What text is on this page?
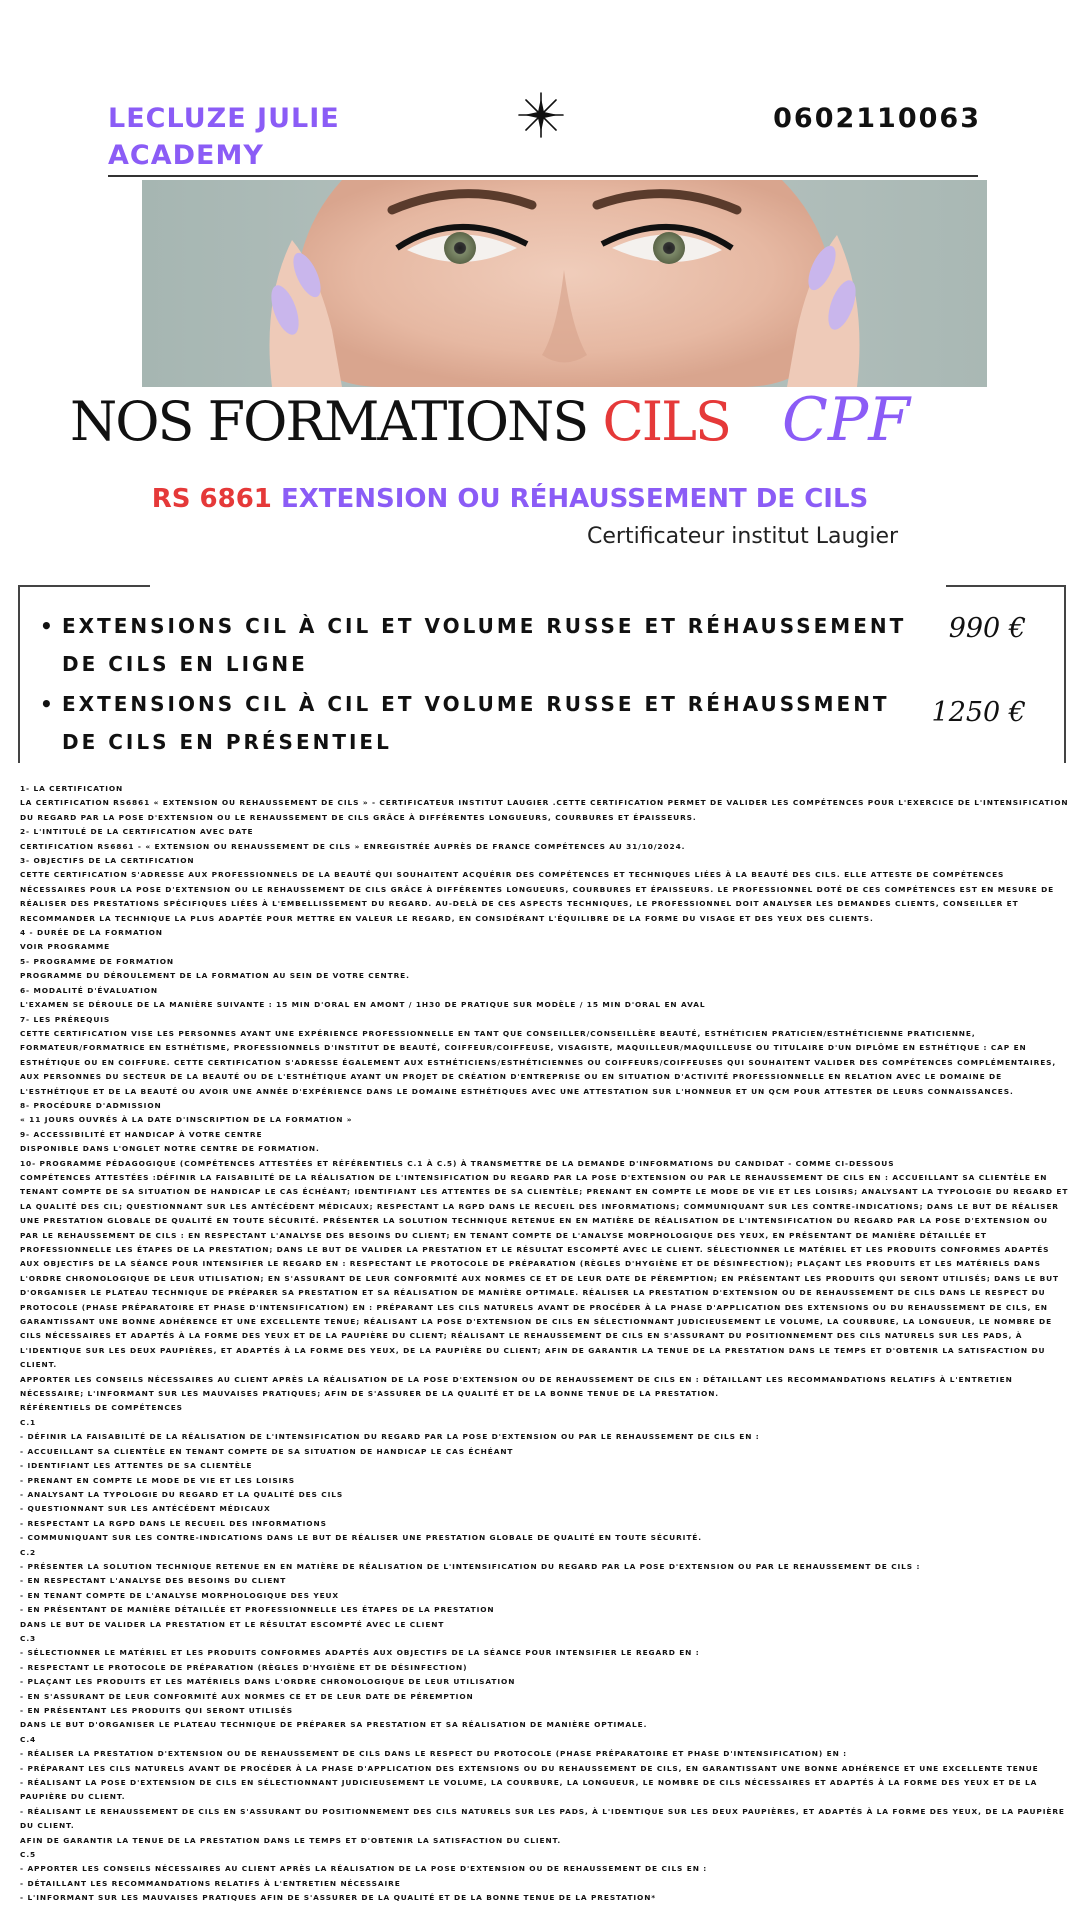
LECLUZE JULIE ACADEMY
0602110063
NOS FORMATIONS CILS CPF
RS 6861 EXTENSION OU RÉHAUSSEMENT DE CILS
Certificateur institut Laugier
• EXTENSIONS CIL À CIL ET VOLUME RUSSE ET RÉHAUSSEMENT DE CILS EN LIGNE
990 €
• EXTENSIONS CIL À CIL ET VOLUME RUSSE ET RÉHAUSSMENT DE CILS EN PRÉSENTIEL
1250 €
1- LA CERTIFICATION
LA CERTIFICATION RS6861 « EXTENSION OU REHAUSSEMENT DE CILS » - CERTIFICATEUR INSTITUT LAUGIER .CETTE CERTIFICATION PERMET DE VALIDER LES COMPÉTENCES POUR L'EXERCICE DE L'INTENSIFICATION DU REGARD PAR LA POSE D'EXTENSION OU LE REHAUSSEMENT DE CILS GRÂCE À DIFFÉRENTES LONGUEURS, COURBURES ET ÉPAISSEURS.
2- L'INTITULÉ DE LA CERTIFICATION AVEC DATE
CERTIFICATION RS6861 - « EXTENSION OU REHAUSSEMENT DE CILS » ENREGISTRÉE AUPRÈS DE FRANCE COMPÉTENCES AU 31/10/2024.
3- OBJECTIFS DE LA CERTIFICATION
CETTE CERTIFICATION S'ADRESSE AUX PROFESSIONNELS DE LA BEAUTÉ QUI SOUHAITENT ACQUÉRIR DES COMPÉTENCES ET TECHNIQUES LIÉES À LA BEAUTÉ DES CILS. ELLE ATTESTE DE COMPÉTENCES NÉCESSAIRES POUR LA POSE D'EXTENSION OU LE REHAUSSEMENT DE CILS GRÂCE À DIFFÉRENTES LONGUEURS, COURBURES ET ÉPAISSEURS. LE PROFESSIONNEL DOTÉ DE CES COMPÉTENCES EST EN MESURE DE RÉALISER DES PRESTATIONS SPÉCIFIQUES LIÉES À L'EMBELLISSEMENT DU REGARD. AU-DELÀ DE CES ASPECTS TECHNIQUES, LE PROFESSIONNEL DOIT ANALYSER LES DEMANDES CLIENTS, CONSEILLER ET RECOMMANDER LA TECHNIQUE LA PLUS ADAPTÉE POUR METTRE EN VALEUR LE REGARD, EN CONSIDÉRANT L'ÉQUILIBRE DE LA FORME DU VISAGE ET DES YEUX DES CLIENTS.
4 - DURÉE DE LA FORMATION
VOIR PROGRAMME
5- PROGRAMME DE FORMATION
PROGRAMME DU DÉROULEMENT DE LA FORMATION AU SEIN DE VOTRE CENTRE.
6- MODALITÉ D'ÉVALUATION
L'EXAMEN SE DÉROULE DE LA MANIÈRE SUIVANTE : 15 MIN D'ORAL EN AMONT / 1H30 DE PRATIQUE SUR MODÈLE / 15 MIN D'ORAL EN AVAL
7- LES PRÉREQUIS
CETTE CERTIFICATION VISE LES PERSONNES AYANT UNE EXPÉRIENCE PROFESSIONNELLE EN TANT QUE CONSEILLER/CONSEILLÈRE BEAUTÉ, ESTHÉTICIEN PRATICIEN/ESTHÉTICIENNE PRATICIENNE, FORMATEUR/FORMATRICE EN ESTHÉTISME, PROFESSIONNELS D'INSTITUT DE BEAUTÉ, COIFFEUR/COIFFEUSE, VISAGISTE, MAQUILLEUR/MAQUILLEUSE OU TITULAIRE D'UN DIPLÔME EN ESTHÉTIQUE : CAP EN ESTHÉTIQUE OU EN COIFFURE. CETTE CERTIFICATION S'ADRESSE ÉGALEMENT AUX ESTHÉTICIENS/ESTHÉTICIENNES OU COIFFEURS/COIFFEUSES QUI SOUHAITENT VALIDER DES COMPÉTENCES COMPLÉMENTAIRES, AUX PERSONNES DU SECTEUR DE LA BEAUTÉ OU DE L'ESTHÉTIQUE AYANT UN PROJET DE CRÉATION D'ENTREPRISE OU EN SITUATION D'ACTIVITÉ PROFESSIONNELLE EN RELATION AVEC LE DOMAINE DE L'ESTHÉTIQUE ET DE LA BEAUTÉ OU AVOIR UNE ANNÉE D'EXPÉRIENCE DANS LE DOMAINE ESTHÉTIQUES AVEC UNE ATTESTATION SUR L'HONNEUR ET UN QCM POUR ATTESTER DE LEURS CONNAISSANCES.
8- PROCÉDURE D'ADMISSION
« 11 JOURS OUVRÉS À LA DATE D'INSCRIPTION DE LA FORMATION »
9- ACCESSIBILITÉ ET HANDICAP À VOTRE CENTRE
DISPONIBLE DANS L'ONGLET NOTRE CENTRE DE FORMATION.
10- PROGRAMME PÉDAGOGIQUE (COMPÉTENCES ATTESTÉES ET RÉFÉRENTIELS C.1 À C.5) À TRANSMETTRE DE LA DEMANDE D'INFORMATIONS DU CANDIDAT - COMME CI-DESSOUS
COMPÉTENCES ATTESTÉES :DÉFINIR LA FAISABILITÉ DE LA RÉALISATION DE L'INTENSIFICATION DU REGARD PAR LA POSE D'EXTENSION OU PAR LE REHAUSSEMENT DE CILS EN : ACCUEILLANT SA CLIENTÈLE EN TENANT COMPTE DE SA SITUATION DE HANDICAP LE CAS ÉCHÉANT; IDENTIFIANT LES ATTENTES DE SA CLIENTÈLE; PRENANT EN COMPTE LE MODE DE VIE ET LES LOISIRS; ANALYSANT LA TYPOLOGIE DU REGARD ET LA QUALITÉ DES CIL; QUESTIONNANT SUR LES ANTÉCÉDENT MÉDICAUX; RESPECTANT LA RGPD DANS LE RECUEIL DES INFORMATIONS; COMMUNIQUANT SUR LES CONTRE-INDICATIONS; DANS LE BUT DE RÉALISER UNE PRESTATION GLOBALE DE QUALITÉ EN TOUTE SÉCURITÉ. PRÉSENTER LA SOLUTION TECHNIQUE RETENUE EN EN MATIÈRE DE RÉALISATION DE L'INTENSIFICATION DU REGARD PAR LA POSE D'EXTENSION OU PAR LE REHAUSSEMENT DE CILS : EN RESPECTANT L'ANALYSE DES BESOINS DU CLIENT; EN TENANT COMPTE DE L'ANALYSE MORPHOLOGIQUE DES YEUX, EN PRÉSENTANT DE MANIÈRE DÉTAILLÉE ET PROFESSIONNELLE LES ÉTAPES DE LA PRESTATION; DANS LE BUT DE VALIDER LA PRESTATION ET LE RÉSULTAT ESCOMPTÉ AVEC LE CLIENT. SÉLECTIONNER LE MATÉRIEL ET LES PRODUITS CONFORMES ADAPTÉS AUX OBJECTIFS DE LA SÉANCE POUR INTENSIFIER LE REGARD EN : RESPECTANT LE PROTOCOLE DE PRÉPARATION (RÈGLES D'HYGIÈNE ET DE DÉSINFECTION); PLAÇANT LES PRODUITS ET LES MATÉRIELS DANS L'ORDRE CHRONOLOGIQUE DE LEUR UTILISATION; EN S'ASSURANT DE LEUR CONFORMITÉ AUX NORMES CE ET DE LEUR DATE DE PÉREMPTION; EN PRÉSENTANT LES PRODUITS QUI SERONT UTILISÉS; DANS LE BUT D'ORGANISER LE PLATEAU TECHNIQUE DE PRÉPARER SA PRESTATION ET SA RÉALISATION DE MANIÈRE OPTIMALE. RÉALISER LA PRESTATION D'EXTENSION OU DE REHAUSSEMENT DE CILS DANS LE RESPECT DU PROTOCOLE (PHASE PRÉPARATOIRE ET PHASE D'INTENSIFICATION) EN : PRÉPARANT LES CILS NATURELS AVANT DE PROCÉDER À LA PHASE D'APPLICATION DES EXTENSIONS OU DU REHAUSSEMENT DE CILS, EN GARANTISSANT UNE BONNE ADHÉRENCE ET UNE EXCELLENTE TENUE; RÉALISANT LA POSE D'EXTENSION DE CILS EN SÉLECTIONNANT JUDICIEUSEMENT LE VOLUME, LA COURBURE, LA LONGUEUR, LE NOMBRE DE CILS NÉCESSAIRES ET ADAPTÉS À LA FORME DES YEUX ET DE LA PAUPIÈRE DU CLIENT; RÉALISANT LE REHAUSSEMENT DE CILS EN S'ASSURANT DU POSITIONNEMENT DES CILS NATURELS SUR LES PADS, À L'IDENTIQUE SUR LES DEUX PAUPIÈRES, ET ADAPTÉS À LA FORME DES YEUX, DE LA PAUPIÈRE DU CLIENT; AFIN DE GARANTIR LA TENUE DE LA PRESTATION DANS LE TEMPS ET D'OBTENIR LA SATISFACTION DU CLIENT.
APPORTER LES CONSEILS NÉCESSAIRES AU CLIENT APRÈS LA RÉALISATION DE LA POSE D'EXTENSION OU DE REHAUSSEMENT DE CILS EN : DÉTAILLANT LES RECOMMANDATIONS RELATIFS À L'ENTRETIEN NÉCESSAIRE; L'INFORMANT SUR LES MAUVAISES PRATIQUES; AFIN DE S'ASSURER DE LA QUALITÉ ET DE LA BONNE TENUE DE LA PRESTATION.
RÉFÉRENTIELS DE COMPÉTENCES
C.1
- DÉFINIR LA FAISABILITÉ DE LA RÉALISATION DE L'INTENSIFICATION DU REGARD PAR LA POSE D'EXTENSION OU PAR LE REHAUSSEMENT DE CILS EN :
- ACCUEILLANT SA CLIENTÈLE EN TENANT COMPTE DE SA SITUATION DE HANDICAP LE CAS ÉCHÉANT
- IDENTIFIANT LES ATTENTES DE SA CLIENTÈLE
- PRENANT EN COMPTE LE MODE DE VIE ET LES LOISIRS
- ANALYSANT LA TYPOLOGIE DU REGARD ET LA QUALITÉ DES CILS
- QUESTIONNANT SUR LES ANTÉCÉDENT MÉDICAUX
- RESPECTANT LA RGPD DANS LE RECUEIL DES INFORMATIONS
- COMMUNIQUANT SUR LES CONTRE-INDICATIONS DANS LE BUT DE RÉALISER UNE PRESTATION GLOBALE DE QUALITÉ EN TOUTE SÉCURITÉ.
C.2
- PRÉSENTER LA SOLUTION TECHNIQUE RETENUE EN EN MATIÈRE DE RÉALISATION DE L'INTENSIFICATION DU REGARD PAR LA POSE D'EXTENSION OU PAR LE REHAUSSEMENT DE CILS :
- EN RESPECTANT L'ANALYSE DES BESOINS DU CLIENT
- EN TENANT COMPTE DE L'ANALYSE MORPHOLOGIQUE DES YEUX
- EN PRÉSENTANT DE MANIÈRE DÉTAILLÉE ET PROFESSIONNELLE LES ÉTAPES DE LA PRESTATION
DANS LE BUT DE VALIDER LA PRESTATION ET LE RÉSULTAT ESCOMPTÉ AVEC LE CLIENT
C.3
- SÉLECTIONNER LE MATÉRIEL ET LES PRODUITS CONFORMES ADAPTÉS AUX OBJECTIFS DE LA SÉANCE POUR INTENSIFIER LE REGARD EN :
- RESPECTANT LE PROTOCOLE DE PRÉPARATION (RÈGLES D'HYGIÈNE ET DE DÉSINFECTION)
- PLAÇANT LES PRODUITS ET LES MATÉRIELS DANS L'ORDRE CHRONOLOGIQUE DE LEUR UTILISATION
- EN S'ASSURANT DE LEUR CONFORMITÉ AUX NORMES CE ET DE LEUR DATE DE PÉREMPTION
- EN PRÉSENTANT LES PRODUITS QUI SERONT UTILISÉS
DANS LE BUT D'ORGANISER LE PLATEAU TECHNIQUE DE PRÉPARER SA PRESTATION ET SA RÉALISATION DE MANIÈRE OPTIMALE.
C.4
- RÉALISER LA PRESTATION D'EXTENSION OU DE REHAUSSEMENT DE CILS DANS LE RESPECT DU PROTOCOLE (PHASE PRÉPARATOIRE ET PHASE D'INTENSIFICATION) EN :
- PRÉPARANT LES CILS NATURELS AVANT DE PROCÉDER À LA PHASE D'APPLICATION DES EXTENSIONS OU DU REHAUSSEMENT DE CILS, EN GARANTISSANT UNE BONNE ADHÉRENCE ET UNE EXCELLENTE TENUE
- RÉALISANT LA POSE D'EXTENSION DE CILS EN SÉLECTIONNANT JUDICIEUSEMENT LE VOLUME, LA COURBURE, LA LONGUEUR, LE NOMBRE DE CILS NÉCESSAIRES ET ADAPTÉS À LA FORME DES YEUX ET DE LA PAUPIÈRE DU CLIENT.
- RÉALISANT LE REHAUSSEMENT DE CILS EN S'ASSURANT DU POSITIONNEMENT DES CILS NATURELS SUR LES PADS, À L'IDENTIQUE SUR LES DEUX PAUPIÈRES, ET ADAPTÉS À LA FORME DES YEUX, DE LA PAUPIÈRE DU CLIENT.
AFIN DE GARANTIR LA TENUE DE LA PRESTATION DANS LE TEMPS ET D'OBTENIR LA SATISFACTION DU CLIENT.
C.5
- APPORTER LES CONSEILS NÉCESSAIRES AU CLIENT APRÈS LA RÉALISATION DE LA POSE D'EXTENSION OU DE REHAUSSEMENT DE CILS EN :
- DÉTAILLANT LES RECOMMANDATIONS RELATIFS À L'ENTRETIEN NÉCESSAIRE
- L'INFORMANT SUR LES MAUVAISES PRATIQUES AFIN DE S'ASSURER DE LA QUALITÉ ET DE LA BONNE TENUE DE LA PRESTATION*
